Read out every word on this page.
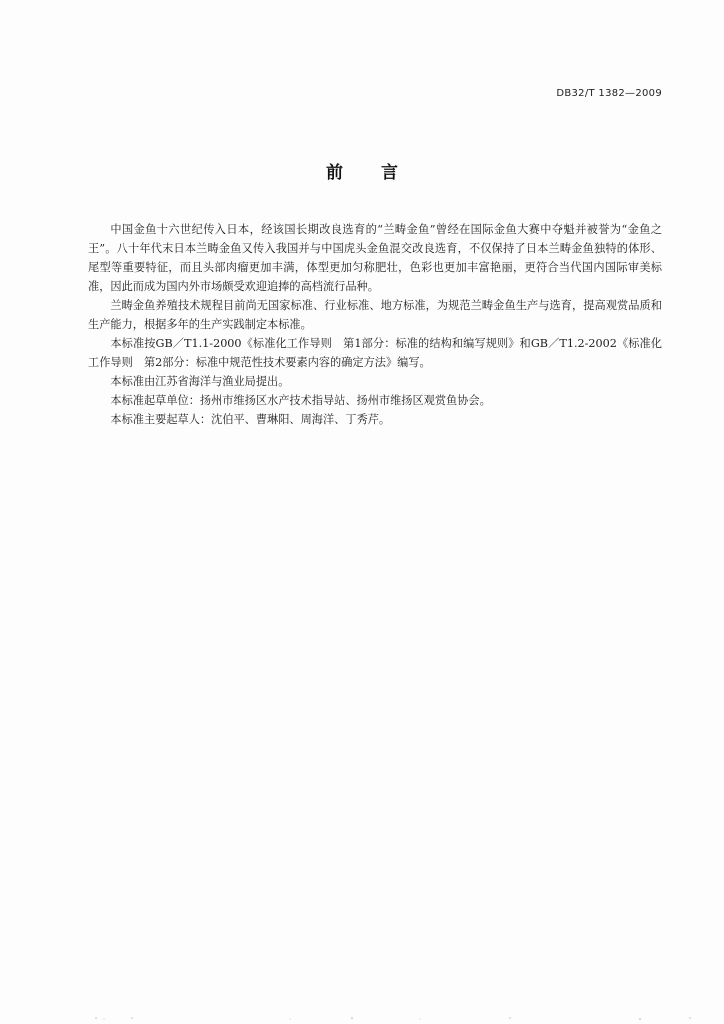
DB32/T 1382—2009
前言

中国金鱼十六世纪传入日本，经该国长期改良选育的“兰畴金鱼”曾经在国际金鱼大赛中夺魁并被誉为“金鱼之王”。八十年代末日本兰畴金鱼又传入我国并与中国虎头金鱼混交改良选育，不仅保持了日本兰畴金鱼独特的体形、尾型等重要特征，而且头部肉瘤更加丰满，体型更加匀称肥壮，色彩也更加丰富艳丽，更符合当代国内国际审美标准，因此而成为国内外市场颇受欢迎追捧的高档流行品种。

兰畴金鱼养殖技术规程目前尚无国家标准、行业标准、地方标准，为规范兰畴金鱼生产与选育，提高观赏品质和生产能力，根据多年的生产实践制定本标准。

本标准按GB／T1.1-2000《标准化工作导则　第1部分：标准的结构和编写规则》和GB／T1.2-2002《标准化工作导则　第2部分：标准中规范性技术要素内容的确定方法》编写。

本标准由江苏省海洋与渔业局提出。

本标准起草单位：扬州市维扬区水产技术指导站、扬州市维扬区观赏鱼协会。

本标准主要起草人：沈伯平、曹琳阳、周海洋、丁秀芹。
